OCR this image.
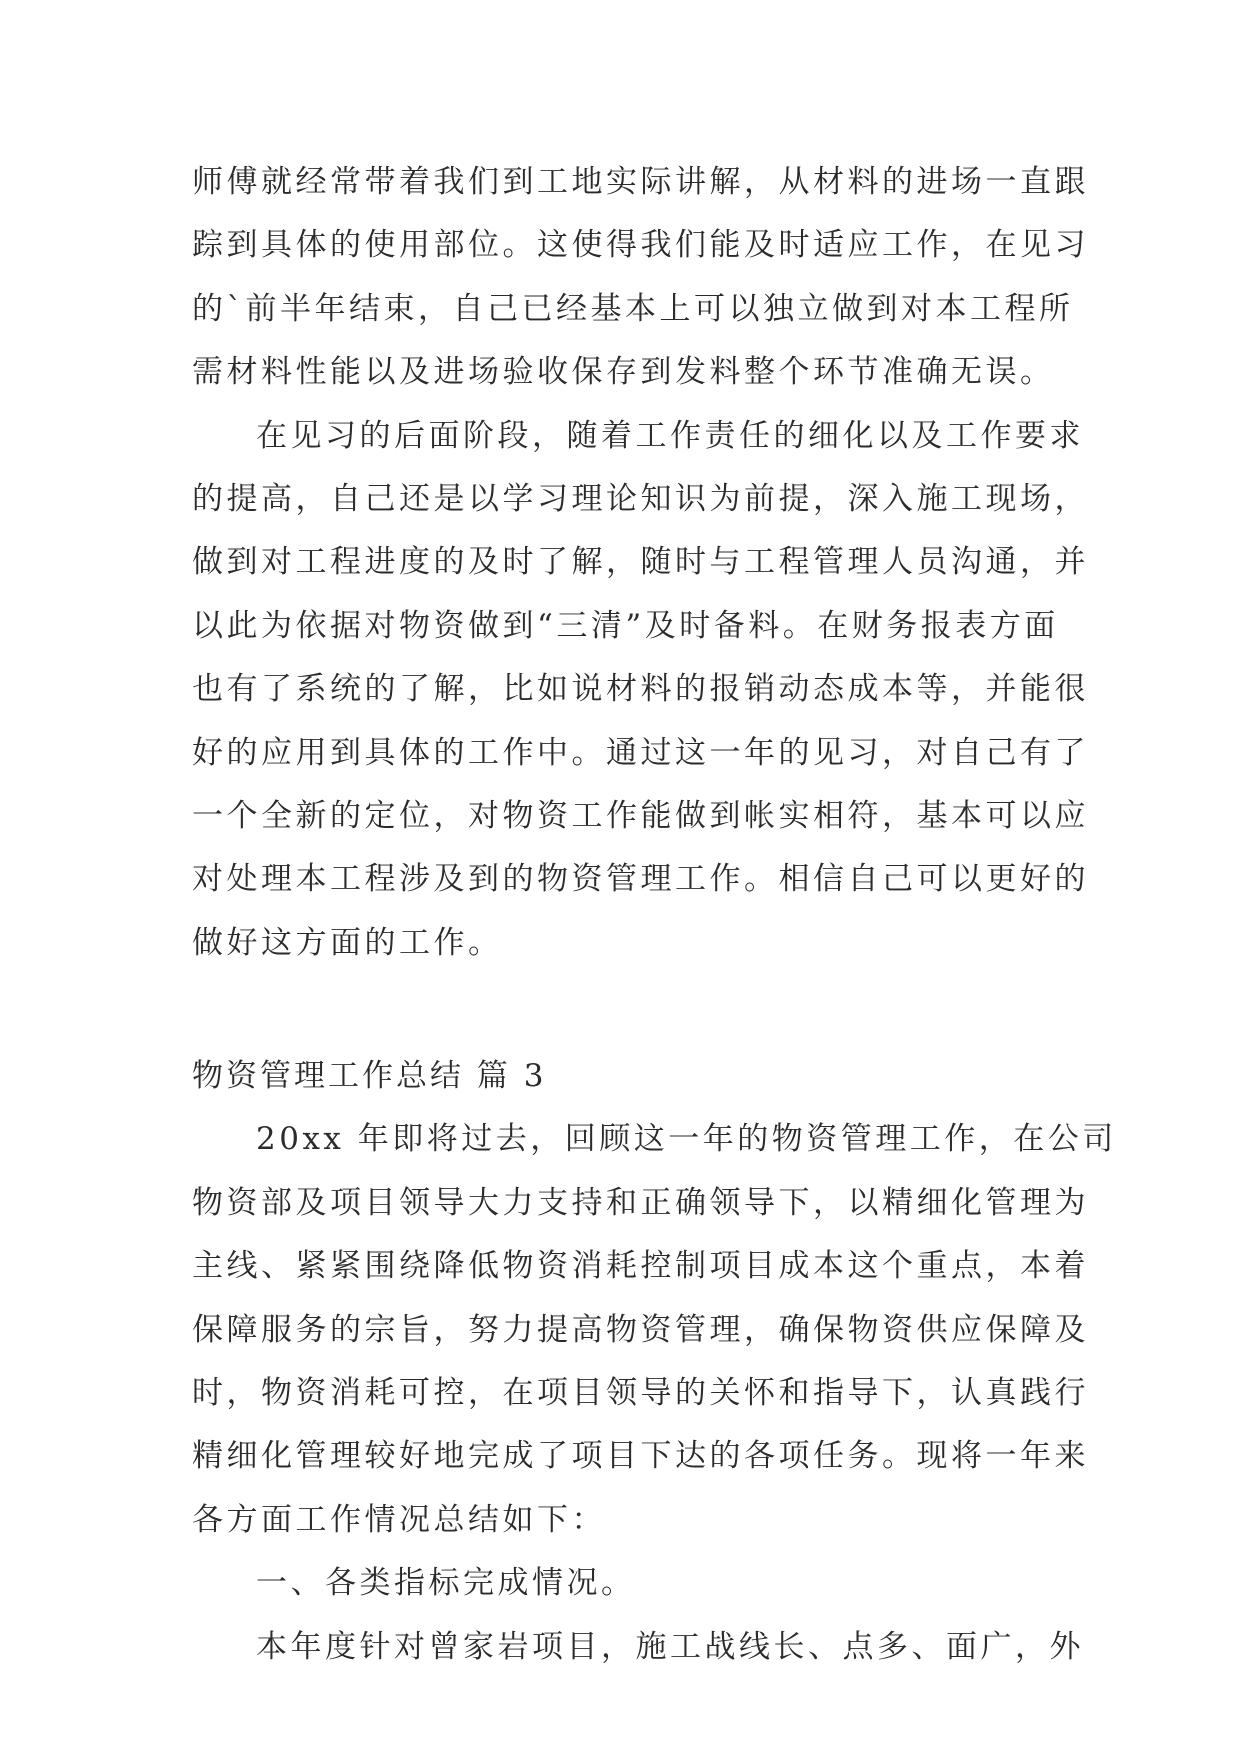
师傅就经常带着我们到工地实际讲解，从材料的进场一直跟
踪到具体的使用部位。这使得我们能及时适应工作，在见习
的`前半年结束，自己已经基本上可以独立做到对本工程所
需材料性能以及进场验收保存到发料整个环节准确无误。
在见习的后面阶段，随着工作责任的细化以及工作要求
的提高，自己还是以学习理论知识为前提，深入施工现场，
做到对工程进度的及时了解，随时与工程管理人员沟通，并
以此为依据对物资做到“三清”及时备料。在财务报表方面
也有了系统的了解，比如说材料的报销动态成本等，并能很
好的应用到具体的工作中。通过这一年的见习，对自己有了
一个全新的定位，对物资工作能做到帐实相符，基本可以应
对处理本工程涉及到的物资管理工作。相信自己可以更好的
做好这方面的工作。
物资管理工作总结 篇 3
20xx 年即将过去，回顾这一年的物资管理工作，在公司
物资部及项目领导大力支持和正确领导下，以精细化管理为
主线、紧紧围绕降低物资消耗控制项目成本这个重点，本着
保障服务的宗旨，努力提高物资管理，确保物资供应保障及
时，物资消耗可控，在项目领导的关怀和指导下，认真践行
精细化管理较好地完成了项目下达的各项任务。现将一年来
各方面工作情况总结如下：
一、各类指标完成情况。
本年度针对曾家岩项目，施工战线长、点多、面广，外
